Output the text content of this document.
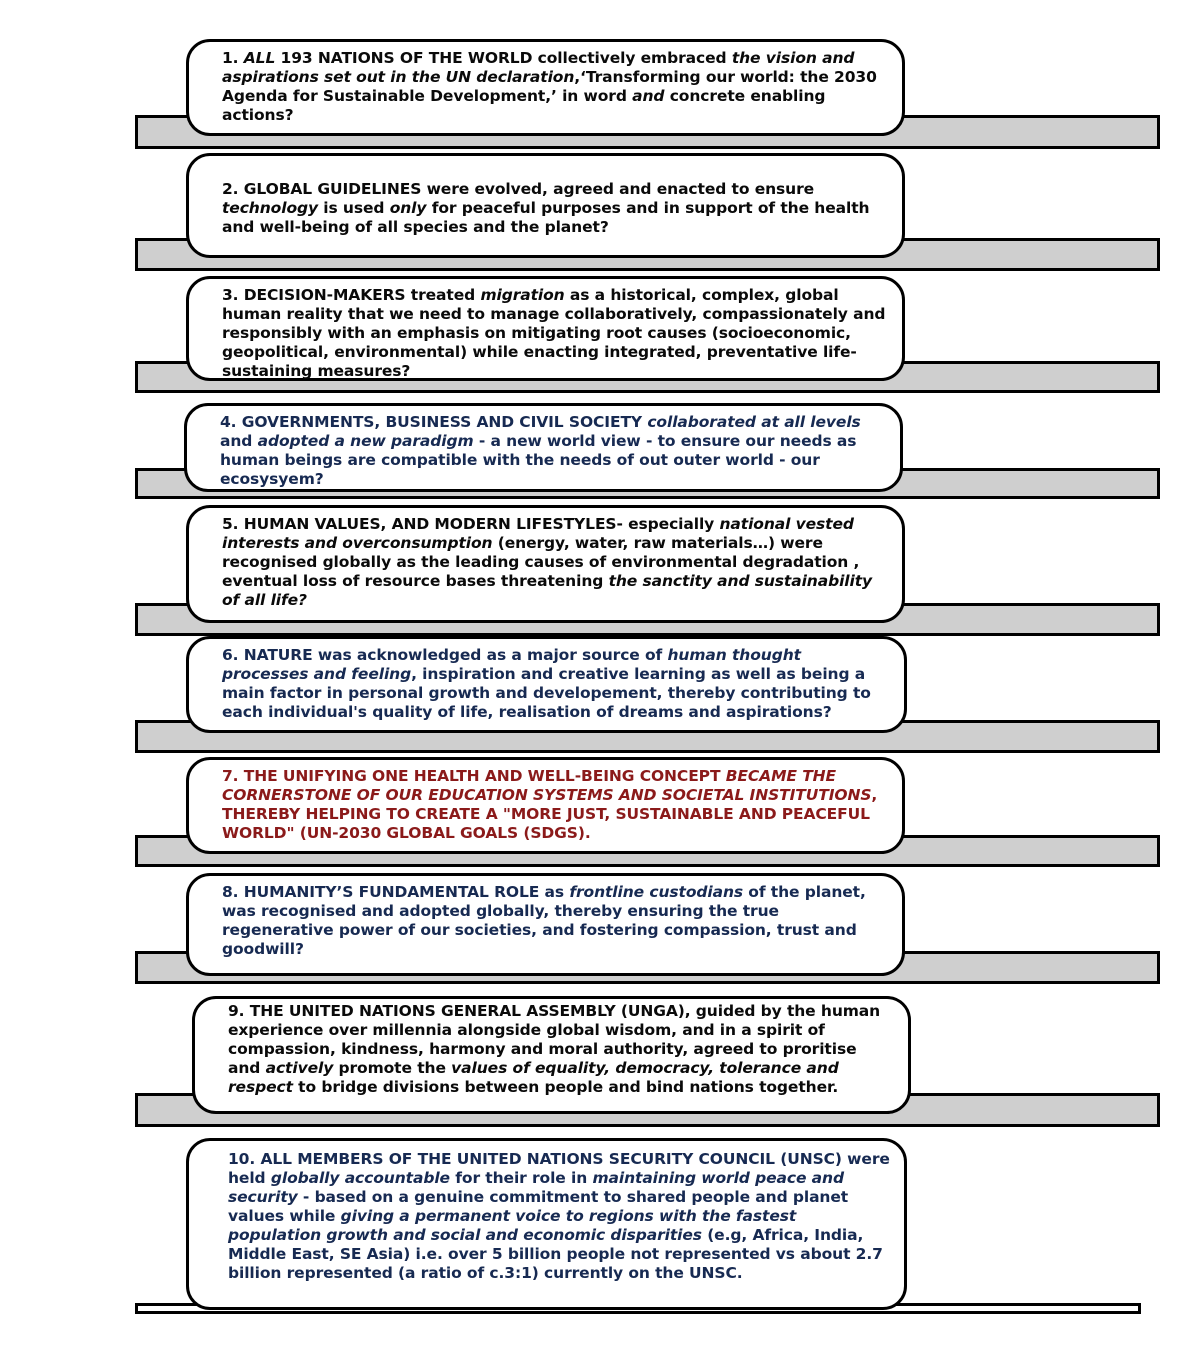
1. ALL 193 NATIONS OF THE WORLD collectively embraced the vision and aspirations set out in the UN declaration,‘Transforming our world: the 2030 Agenda for Sustainable Development,’ in word and concrete enabling actions?
2. GLOBAL GUIDELINES were evolved, agreed and enacted to ensure technology is used only for peaceful purposes and in support of the health and well-being of all species and the planet?
3. DECISION-MAKERS treated migration as a historical, complex, global human reality that we need to manage collaboratively, compassionately and responsibly with an emphasis on mitigating root causes (socioeconomic, geopolitical, environmental) while enacting integrated, preventative life-sustaining measures?
4. GOVERNMENTS, BUSINESS AND CIVIL SOCIETY collaborated at all levels and adopted a new paradigm - a new world view - to ensure our needs as human beings are compatible with the needs of out outer world - our ecosysyem?
5. HUMAN VALUES, AND MODERN LIFESTYLES- especially national vested interests and overconsumption (energy, water, raw materials…) were recognised globally as the leading causes of environmental degradation , eventual loss of resource bases threatening the sanctity and sustainability of all life?
6. NATURE was acknowledged as a major source of human thought processes and feeling, inspiration and creative learning as well as being a main factor in personal growth and developement, thereby contributing to each individual's quality of life, realisation of dreams and aspirations?
7. THE UNIFYING ONE HEALTH AND WELL-BEING CONCEPT BECAME THE CORNERSTONE OF OUR EDUCATION SYSTEMS AND SOCIETAL INSTITUTIONS, THEREBY HELPING TO CREATE A "MORE JUST, SUSTAINABLE AND PEACEFUL WORLD" (UN-2030 GLOBAL GOALS (SDGS).
8. HUMANITY’S FUNDAMENTAL ROLE as frontline custodians of the planet, was recognised and adopted globally, thereby ensuring the true regenerative power of our societies, and fostering compassion, trust and goodwill?
9. THE UNITED NATIONS GENERAL ASSEMBLY (UNGA), guided by the human experience over millennia alongside global wisdom, and in a spirit of compassion, kindness, harmony and moral authority, agreed to proritise and actively promote the values of equality, democracy, tolerance and respect to bridge divisions between people and bind nations together.
10. ALL MEMBERS OF THE UNITED NATIONS SECURITY COUNCIL (UNSC) were held globally accountable for their role in maintaining world peace and security - based on a genuine commitment to shared people and planet values while giving a permanent voice to regions with the fastest population growth and social and economic disparities (e.g, Africa, India, Middle East, SE Asia) i.e. over 5 billion people not represented vs about 2.7 billion represented (a ratio of c.3:1) currently on the UNSC.
